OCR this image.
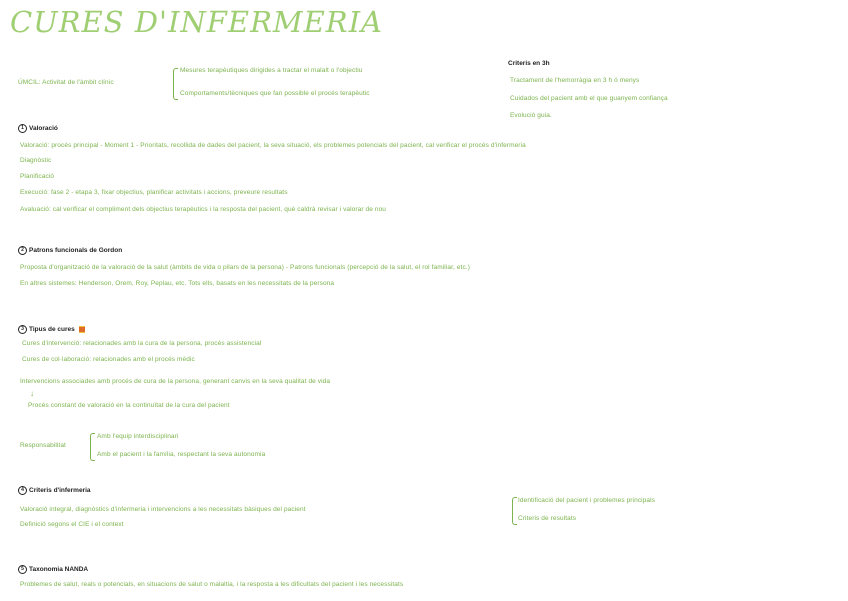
CURES D'INFERMERIA
ÚMCIL: Activitat de l'àmbit clínic
Mesures terapèutiques dirigides a tractar el malalt o l'objectiu
Comportaments/tècniques que fan possible el procés terapèutic
Criteris en 3h
Tractament de l'hemorràgia en 3 h ó menys
Cuidados del pacient amb el que guanyem confiança
Evolució guia.
1 Valoració
Valoració: procés principal - Moment 1 - Prioritats, recollida de dades del pacient, la seva situació, els problemes potencials del pacient, cal verificar el procés d'infermeria
Diagnòstic
Planificació
Execució: fase 2 - etapa 3, fixar objectius, planificar activitats i accions, preveure resultats
Avaluació: cal verificar el compliment dels objectius terapèutics i la resposta del pacient, què caldrà revisar i valorar de nou
2 Patrons funcionals de Gordon
Proposta d'organització de la valoració de la salut (àmbits de vida o pilars de la persona) - Patrons funcionals (percepció de la salut, el rol familiar, etc.)
En altres sistemes: Henderson, Orem, Roy, Peplau, etc. Tots ells, basats en les necessitats de la persona
3 Tipus de cures
Cures d'intervenció: relacionades amb la cura de la persona, procés assistencial
Cures de col·laboració: relacionades amb el procés mèdic
Intervencions associades amb procés de cura de la persona, generant canvis en la seva qualitat de vida
↓
Procés constant de valoració en la continuïtat de la cura del pacient
Responsabilitat
Amb l'equip interdisciplinari
Amb el pacient i la família, respectant la seva autonomia
4 Criteris d'infermeria
Valoració integral, diagnòstics d'infermeria i intervencions a les necessitats bàsiques del pacient
Definició segons el CIE i el context
Identificació del pacient i problemes principals
Criteris de resultats
5 Taxonomia NANDA
Problemes de salut, reals o potencials, en situacions de salut o malaltia, i la resposta a les dificultats del pacient i les necessitats
